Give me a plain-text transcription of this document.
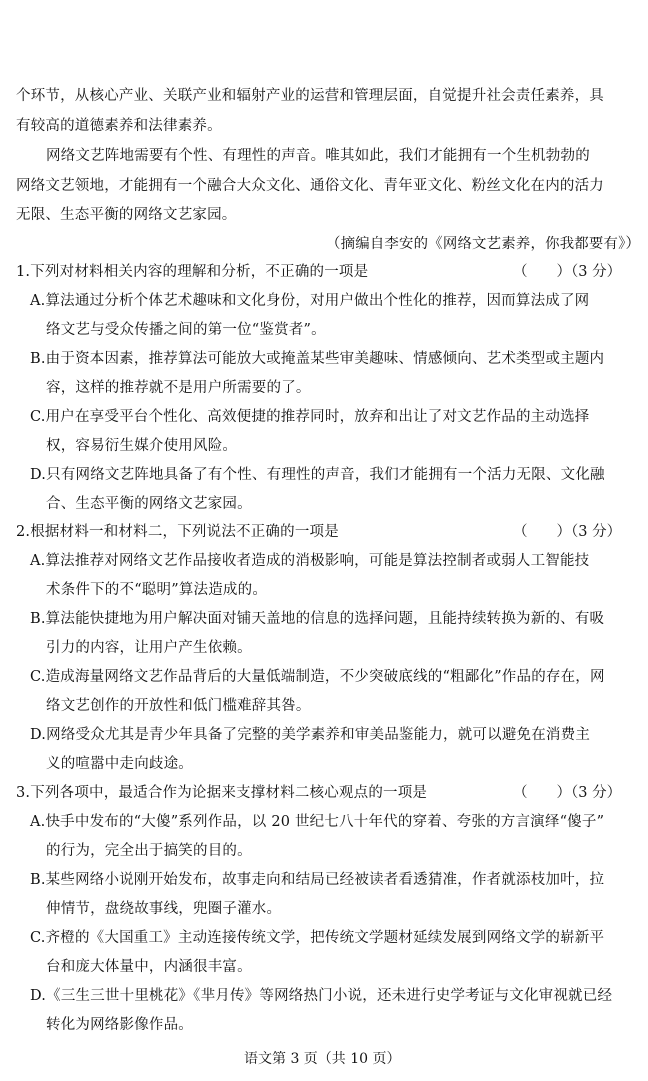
个环节，从核心产业、关联产业和辐射产业的运营和管理层面，自觉提升社会责任素养，具
有较高的道德素养和法律素养。
网络文艺阵地需要有个性、有理性的声音。唯其如此，我们才能拥有一个生机勃勃的
网络文艺领地，才能拥有一个融合大众文化、通俗文化、青年亚文化、粉丝文化在内的活力
无限、生态平衡的网络文艺家园。
（摘编自李安的《网络文艺素养，你我都要有》）
1.下列对材料相关内容的理解和分析，不正确的一项是	（　　）（3 分）
A.算法通过分析个体艺术趣味和文化身份，对用户做出个性化的推荐，因而算法成了网
络文艺与受众传播之间的第一位“鉴赏者”。
B.由于资本因素，推荐算法可能放大或掩盖某些审美趣味、情感倾向、艺术类型或主题内
容，这样的推荐就不是用户所需要的了。
C.用户在享受平台个性化、高效便捷的推荐同时，放弃和出让了对文艺作品的主动选择
权，容易衍生媒介使用风险。
D.只有网络文艺阵地具备了有个性、有理性的声音，我们才能拥有一个活力无限、文化融
合、生态平衡的网络文艺家园。
2.根据材料一和材料二，下列说法不正确的一项是	（　　）（3 分）
A.算法推荐对网络文艺作品接收者造成的消极影响，可能是算法控制者或弱人工智能技
术条件下的不“聪明”算法造成的。
B.算法能快捷地为用户解决面对铺天盖地的信息的选择问题，且能持续转换为新的、有吸
引力的内容，让用户产生依赖。
C.造成海量网络文艺作品背后的大量低端制造，不少突破底线的“粗鄙化”作品的存在，网
络文艺创作的开放性和低门槛难辞其咎。
D.网络受众尤其是青少年具备了完整的美学素养和审美品鉴能力，就可以避免在消费主
义的喧嚣中走向歧途。
3.下列各项中，最适合作为论据来支撑材料二核心观点的一项是	（　　）（3 分）
A.快手中发布的“大傻”系列作品，以 20 世纪七八十年代的穿着、夸张的方言演绎“傻子”
的行为，完全出于搞笑的目的。
B.某些网络小说刚开始发布，故事走向和结局已经被读者看透猜准，作者就添枝加叶，拉
伸情节，盘绕故事线，兜圈子灌水。
C.齐橙的《大国重工》主动连接传统文学，把传统文学题材延续发展到网络文学的崭新平
台和庞大体量中，内涵很丰富。
D.《三生三世十里桃花》《芈月传》等网络热门小说，还未进行史学考证与文化审视就已经
转化为网络影像作品。
语文第 3 页（共 10 页）
